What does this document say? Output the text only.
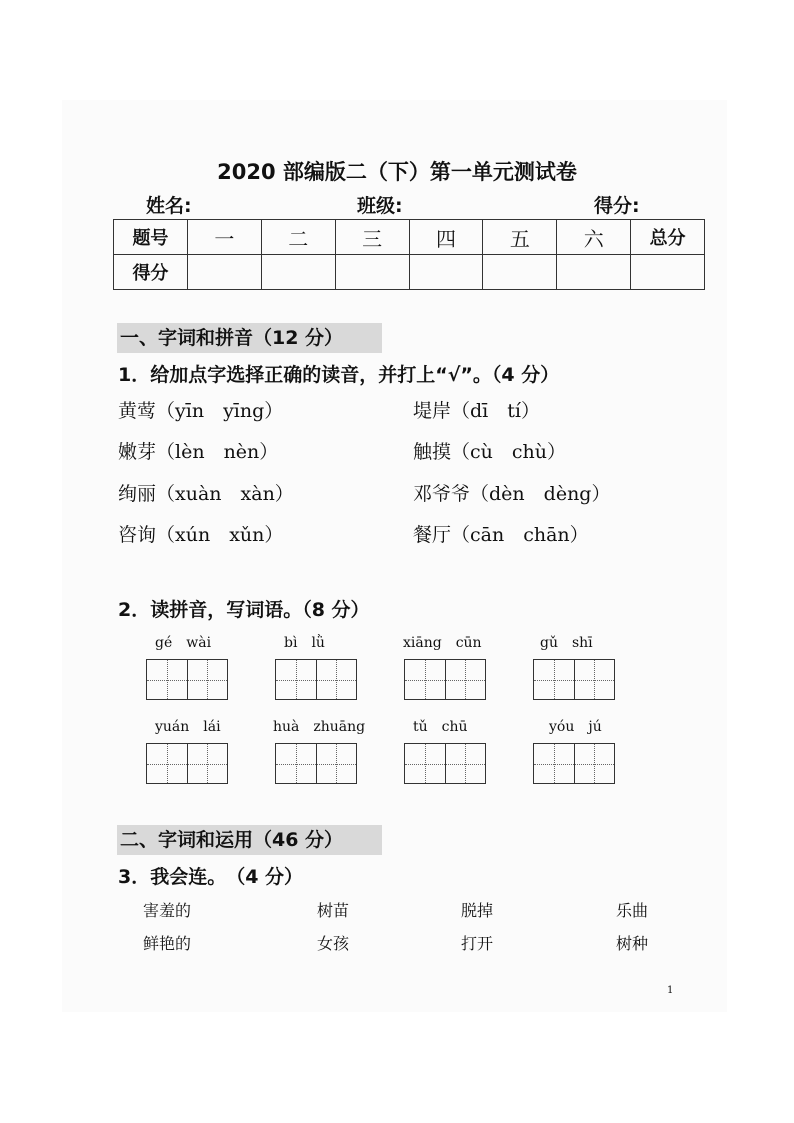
2020 部编版二（下）第一单元测试卷
姓名:	班级:	得分:
题号	一	二	三	四	五	六	总分
得分							
一、字词和拼音（12 分）
1．给加点字选择正确的读音，并打上“√”。（4 分）
黄莺（yīn　yīng）	堤岸（dī　tí）
嫩芽（lèn　nèn）	触摸（cù　chù）
绚丽（xuàn　xàn）	邓爷爷（dèn　dèng）
咨询（xún　xǔn）	餐厅（cān　chān）
2．读拼音，写词语。（8 分）
gé　wài	bì　lǜ	xiāng　cūn	gǔ　shī
yuán　lái	huà　zhuāng	tǔ　chū	yóu　jú
二、字词和运用（46 分）
3．我会连。　（4 分）
害羞的	树苗	脱掉	乐曲
鲜艳的	女孩	打开	树种
1
